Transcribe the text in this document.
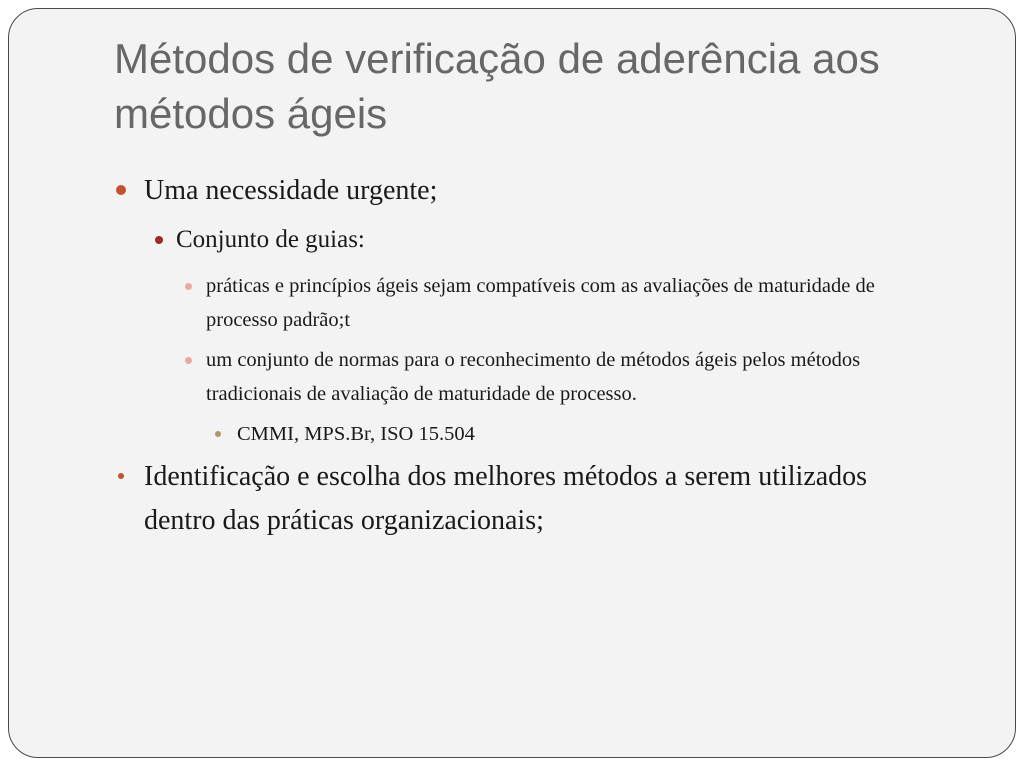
Métodos de verificação de aderência aos métodos ágeis
Uma necessidade urgente;
Conjunto de guias:
práticas e princípios ágeis sejam compatíveis com as avaliações de maturidade de processo padrão;t
um conjunto de normas para o reconhecimento de métodos ágeis pelos métodos tradicionais de avaliação de maturidade de processo.
CMMI, MPS.Br, ISO 15.504
Identificação e escolha dos melhores métodos a serem utilizados dentro das práticas organizacionais;
